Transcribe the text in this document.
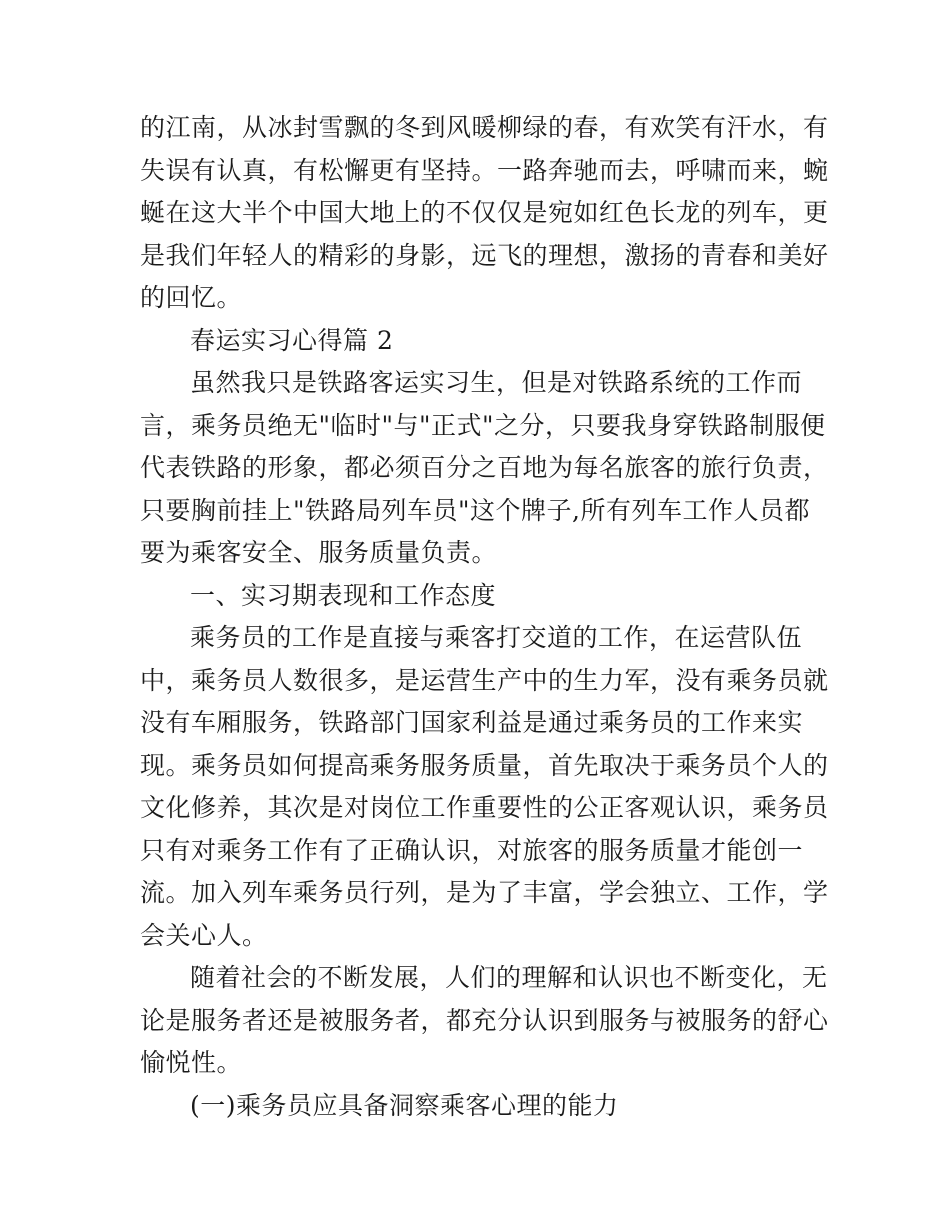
的江南，从冰封雪飘的冬到风暖柳绿的春，有欢笑有汗水，有
失误有认真，有松懈更有坚持。一路奔驰而去，呼啸而来，蜿
蜒在这大半个中国大地上的不仅仅是宛如红色长龙的列车，更
是我们年轻人的精彩的身影，远飞的理想，激扬的青春和美好
的回忆。
春运实习心得篇 2
虽然我只是铁路客运实习生，但是对铁路系统的工作而
言，乘务员绝无"临时"与"正式"之分，只要我身穿铁路制服便
代表铁路的形象，都必须百分之百地为每名旅客的旅行负责，
只要胸前挂上"铁路局列车员"这个牌子,所有列车工作人员都
要为乘客安全、服务质量负责。
一、实习期表现和工作态度
乘务员的工作是直接与乘客打交道的工作，在运营队伍
中，乘务员人数很多，是运营生产中的生力军，没有乘务员就
没有车厢服务，铁路部门国家利益是通过乘务员的工作来实
现。乘务员如何提高乘务服务质量，首先取决于乘务员个人的
文化修养，其次是对岗位工作重要性的公正客观认识，乘务员
只有对乘务工作有了正确认识，对旅客的服务质量才能创一
流。加入列车乘务员行列，是为了丰富，学会独立、工作，学
会关心人。
随着社会的不断发展，人们的理解和认识也不断变化，无
论是服务者还是被服务者，都充分认识到服务与被服务的舒心
愉悦性。
(一)乘务员应具备洞察乘客心理的能力
